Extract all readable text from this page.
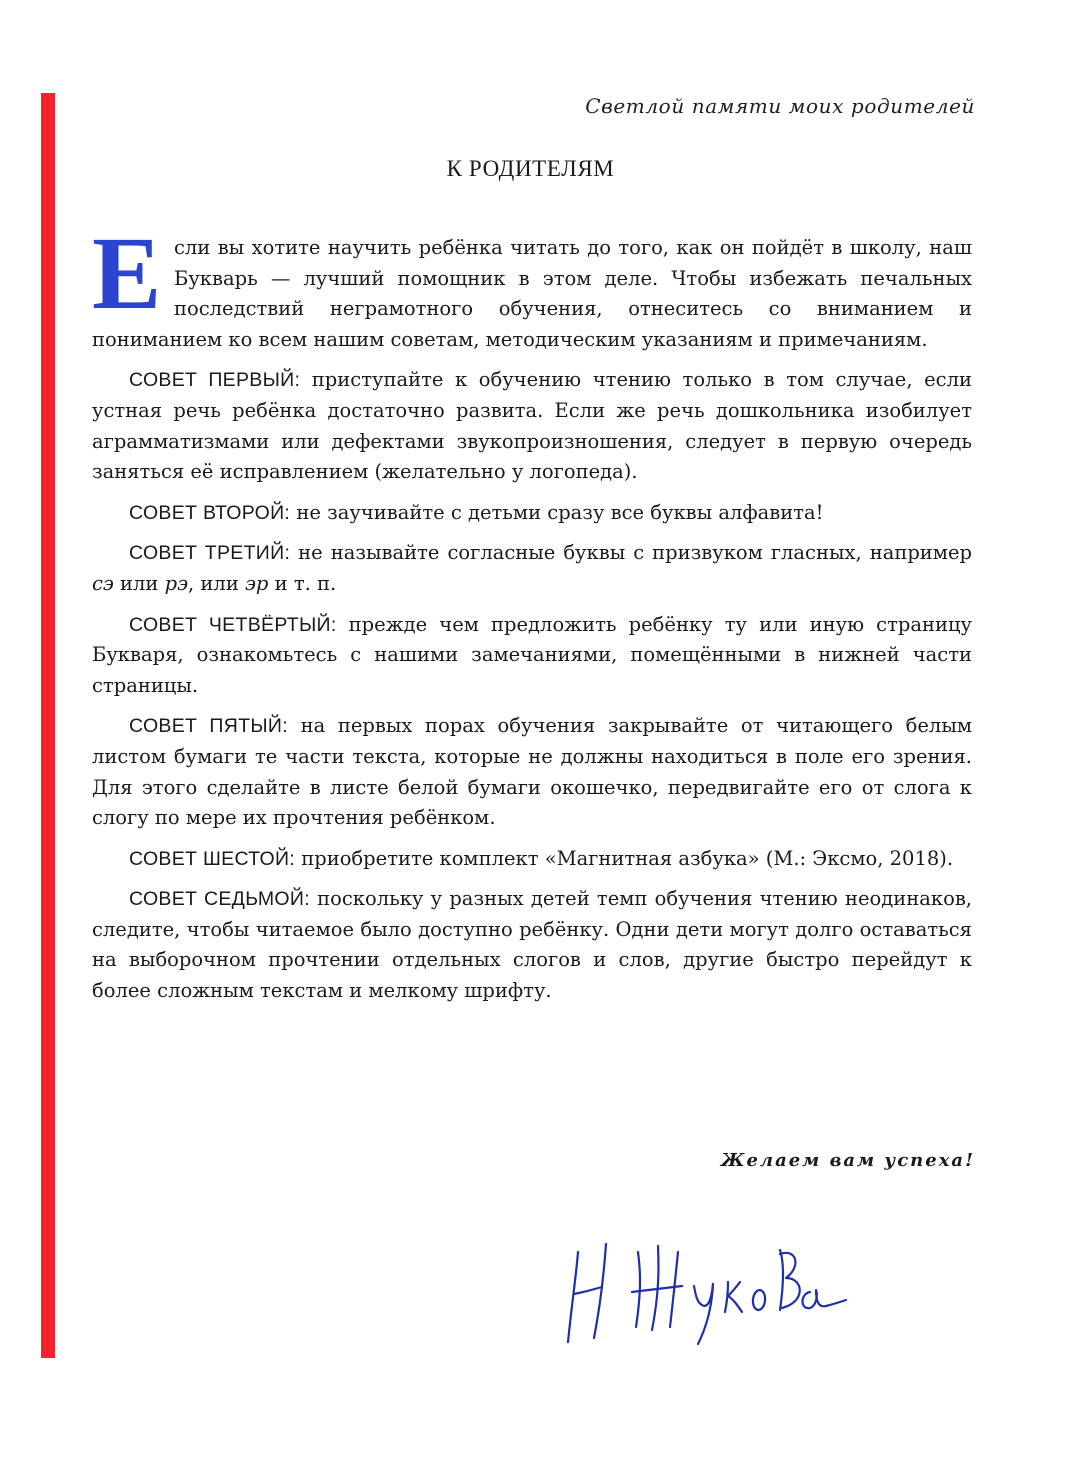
Светлой памяти моих родителей
К РОДИТЕЛЯМ

Если вы хотите научить ребёнка читать до того, как он пойдёт в школу, наш Букварь — лучший помощник в этом деле. Чтобы избежать печальных последствий неграмотного обучения, отнеситесь со вниманием и пониманием ко всем нашим советам, методическим указаниям и примечаниям.

СОВЕТ ПЕРВЫЙ: приступайте к обучению чтению только в том случае, если устная речь ребёнка достаточно развита. Если же речь дошкольника изобилует аграмматизмами или дефектами звукопроизношения, следует в первую очередь заняться её исправлением (желательно у логопеда).

СОВЕТ ВТОРОЙ: не заучивайте с детьми сразу все буквы алфавита!

СОВЕТ ТРЕТИЙ: не называйте согласные буквы с призвуком гласных, например сэ или рэ, или эр и т. п.

СОВЕТ ЧЕТВЁРТЫЙ: прежде чем предложить ребёнку ту или иную страницу Букваря, ознакомьтесь с нашими замечаниями, помещёнными в нижней части страницы.

СОВЕТ ПЯТЫЙ: на первых порах обучения закрывайте от читающего белым листом бумаги те части текста, которые не должны находиться в поле его зрения. Для этого сделайте в листе белой бумаги окошечко, передвигайте его от слога к слогу по мере их прочтения ребёнком.

СОВЕТ ШЕСТОЙ: приобретите комплект «Магнитная азбука» (М.: Эксмо, 2018).

СОВЕТ СЕДЬМОЙ: поскольку у разных детей темп обучения чтению неодинаков, следите, чтобы читаемое было доступно ребёнку. Одни дети могут долго оставаться на выборочном прочтении отдельных слогов и слов, другие быстро перейдут к более сложным текстам и мелкому шрифту.

Желаем вам успеха!
